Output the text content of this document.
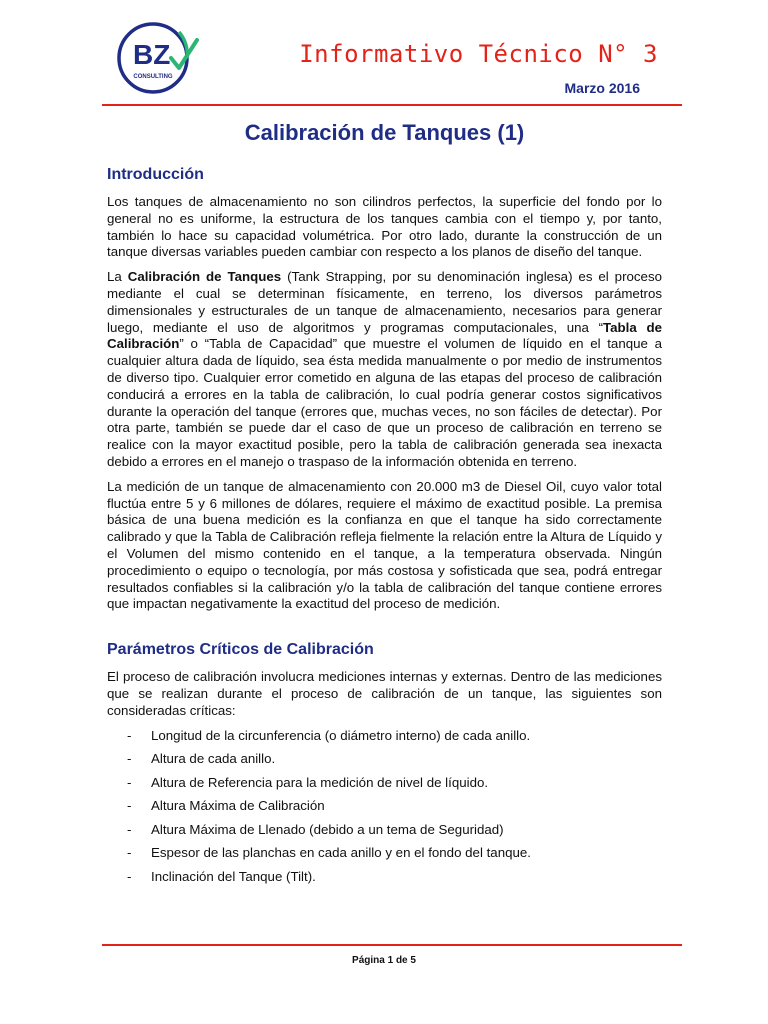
BZ
CONSULTING
Informativo Técnico N° 3
Marzo 2016
Calibración de Tanques (1)
Introducción

Los tanques de almacenamiento no son cilindros perfectos, la superficie del fondo por lo general no es uniforme, la estructura de los tanques cambia con el tiempo y, por tanto, también lo hace su capacidad volumétrica. Por otro lado, durante la construcción de un tanque diversas variables pueden cambiar con respecto a los planos de diseño del tanque.

La Calibración de Tanques (Tank Strapping, por su denominación inglesa) es el proceso mediante el cual se determinan físicamente, en terreno, los diversos parámetros dimensionales y estructurales de un tanque de almacenamiento, necesarios para generar luego, mediante el uso de algoritmos y programas computacionales, una “Tabla de Calibración” o “Tabla de Capacidad” que muestre el volumen de líquido en el tanque a cualquier altura dada de líquido, sea ésta medida manualmente o por medio de instrumentos de diverso tipo. Cualquier error cometido en alguna de las etapas del proceso de calibración conducirá a errores en la tabla de calibración, lo cual podría generar costos significativos durante la operación del tanque (errores que, muchas veces, no son fáciles de detectar). Por otra parte, también se puede dar el caso de que un proceso de calibración en terreno se realice con la mayor exactitud posible, pero la tabla de calibración generada sea inexacta debido a errores en el manejo o traspaso de la información obtenida en terreno.

La medición de un tanque de almacenamiento con 20.000 m3 de Diesel Oil, cuyo valor total fluctúa entre 5 y 6 millones de dólares, requiere el máximo de exactitud posible. La premisa básica de una buena medición es la confianza en que el tanque ha sido correctamente calibrado y que la Tabla de Calibración refleja fielmente la relación entre la Altura de Líquido y el Volumen del mismo contenido en el tanque, a la temperatura observada. Ningún procedimiento o equipo o tecnología, por más costosa y sofisticada que sea, podrá entregar resultados confiables si la calibración y/o la tabla de calibración del tanque contiene errores que impactan negativamente la exactitud del proceso de medición.

Parámetros Críticos de Calibración

El proceso de calibración involucra mediciones internas y externas. Dentro de las mediciones que se realizan durante el proceso de calibración de un tanque, las siguientes son consideradas críticas:

-	Longitud de la circunferencia (o diámetro interno) de cada anillo.
-	Altura de cada anillo.
-	Altura de Referencia para la medición de nivel de líquido.
-	Altura Máxima de Calibración
-	Altura Máxima de Llenado (debido a un tema de Seguridad)
-	Espesor de las planchas en cada anillo y en el fondo del tanque.
-	Inclinación del Tanque (Tilt).
Página 1 de 5
